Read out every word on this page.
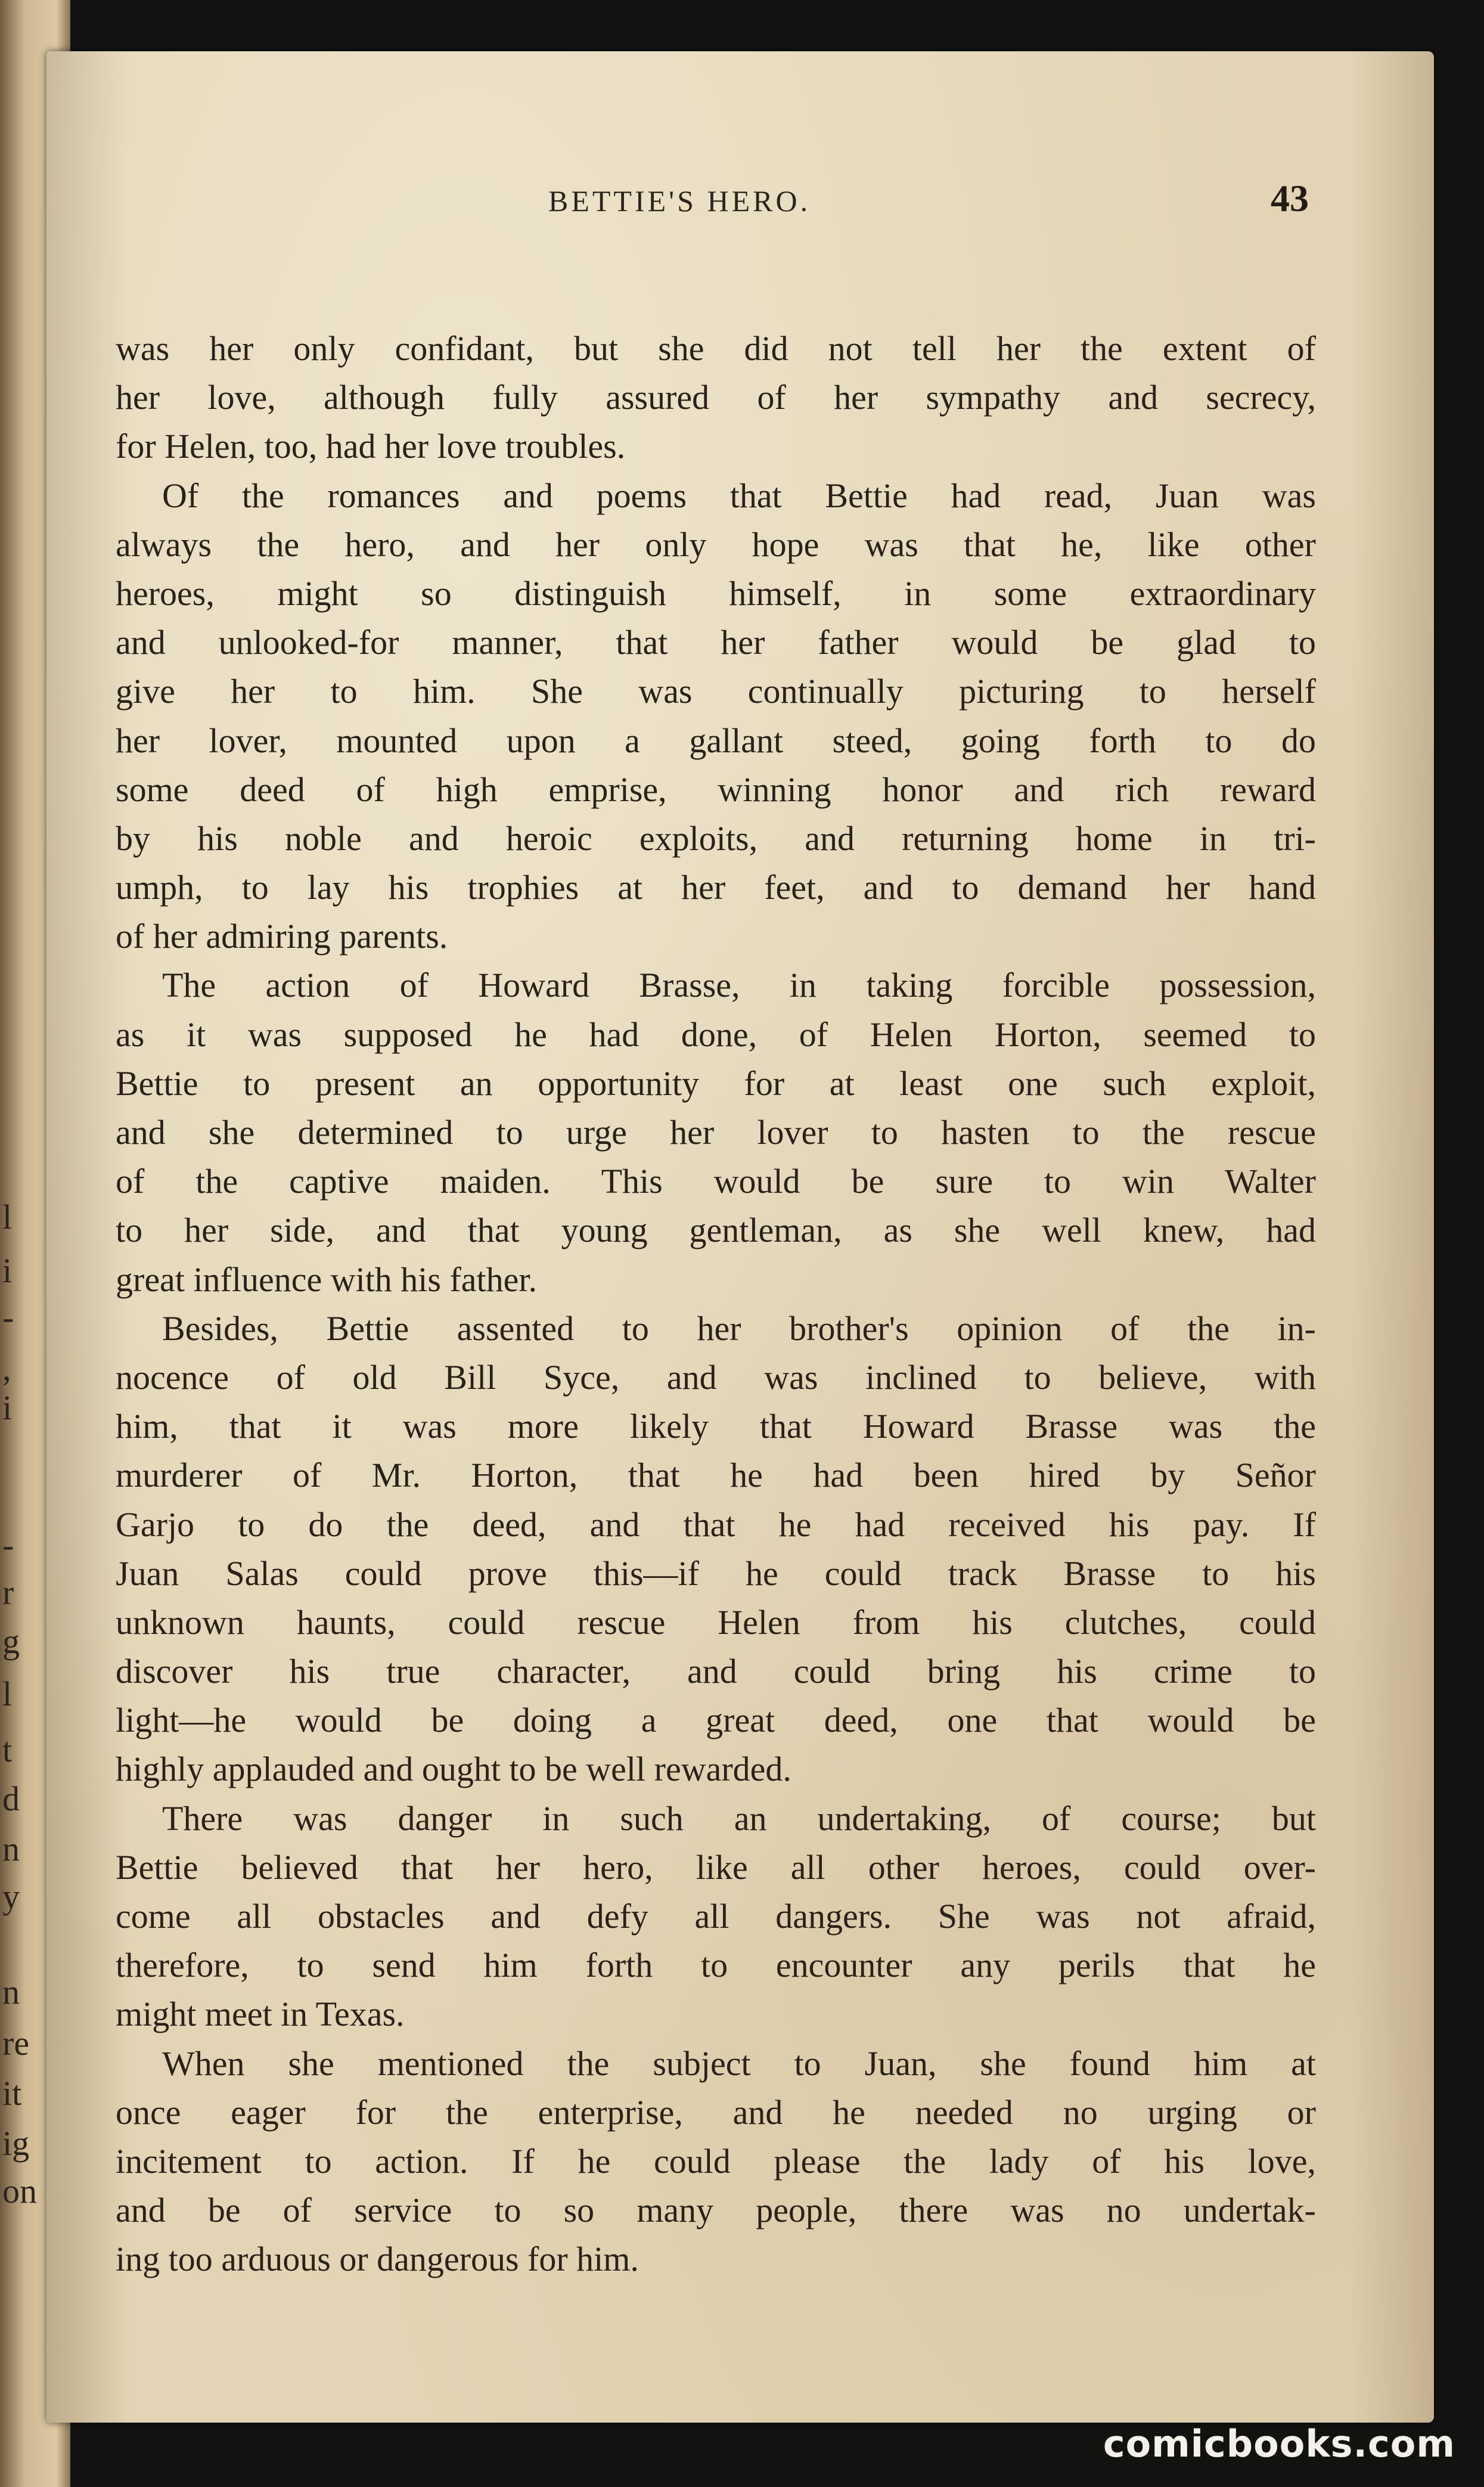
l
i
-
,
i
-
r
g
l
t
d
n
y
n
re
it
ig
on
BETTIE'S HERO.	43
was her only confidant, but she did not tell her the extent of
her love, although fully assured of her sympathy and secrecy,
for Helen, too, had her love troubles.
Of the romances and poems that Bettie had read, Juan was
always the hero, and her only hope was that he, like other
heroes, might so distinguish himself, in some extraordinary
and unlooked-for manner, that her father would be glad to
give her to him. She was continually picturing to herself
her lover, mounted upon a gallant steed, going forth to do
some deed of high emprise, winning honor and rich reward
by his noble and heroic exploits, and returning home in tri-
umph, to lay his trophies at her feet, and to demand her hand
of her admiring parents.
The action of Howard Brasse, in taking forcible possession,
as it was supposed he had done, of Helen Horton, seemed to
Bettie to present an opportunity for at least one such exploit,
and she determined to urge her lover to hasten to the rescue
of the captive maiden. This would be sure to win Walter
to her side, and that young gentleman, as she well knew, had
great influence with his father.
Besides, Bettie assented to her brother's opinion of the in-
nocence of old Bill Syce, and was inclined to believe, with
him, that it was more likely that Howard Brasse was the
murderer of Mr. Horton, that he had been hired by Señor
Garjo to do the deed, and that he had received his pay. If
Juan Salas could prove this—if he could track Brasse to his
unknown haunts, could rescue Helen from his clutches, could
discover his true character, and could bring his crime to
light—he would be doing a great deed, one that would be
highly applauded and ought to be well rewarded.
There was danger in such an undertaking, of course; but
Bettie believed that her hero, like all other heroes, could over-
come all obstacles and defy all dangers. She was not afraid,
therefore, to send him forth to encounter any perils that he
might meet in Texas.
When she mentioned the subject to Juan, she found him at
once eager for the enterprise, and he needed no urging or
incitement to action. If he could please the lady of his love,
and be of service to so many people, there was no undertak-
ing too arduous or dangerous for him.
comicbooks.com
